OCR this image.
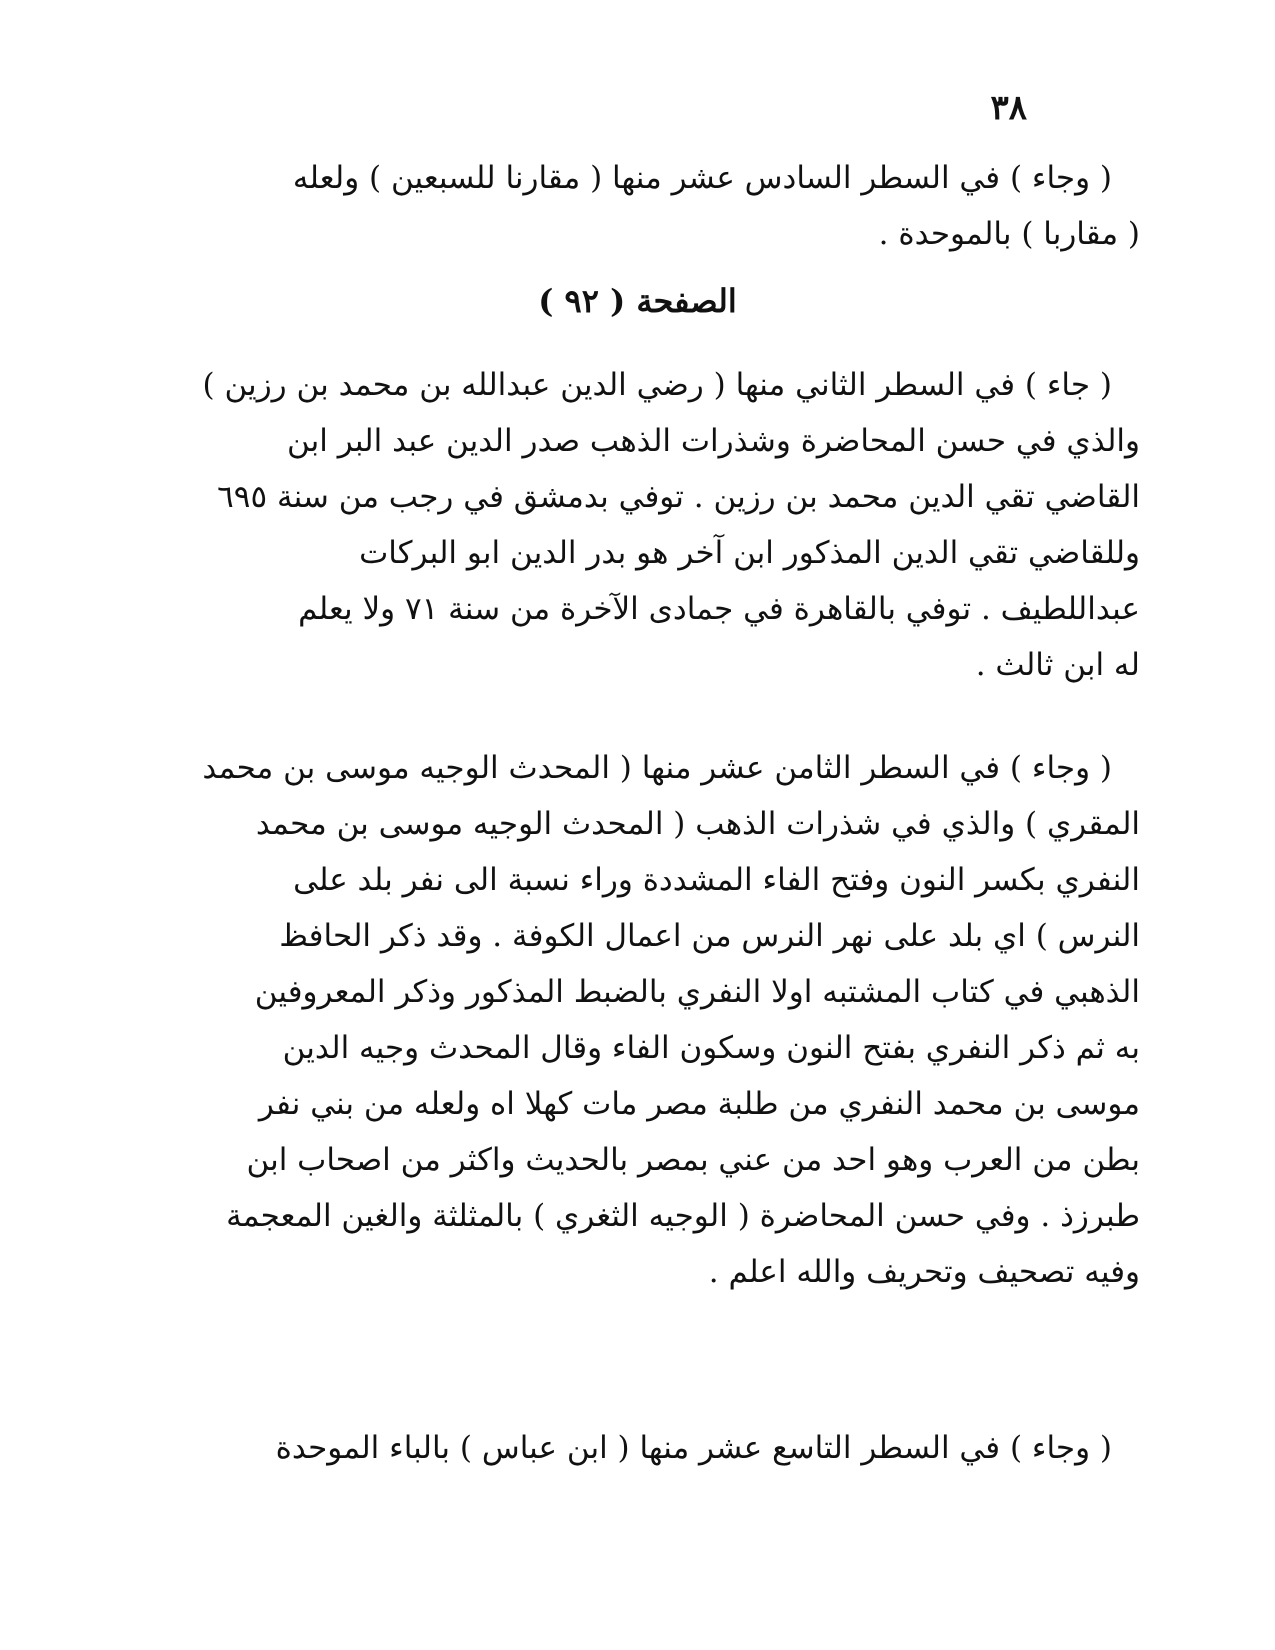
٣٨
( وجاء ) في السطر السادس عشر منها ( مقارنا للسبعين ) ولعله
( مقاربا ) بالموحدة .
الصفحة ( ٩٢ )
( جاء ) في السطر الثاني منها ( رضي الدين عبدالله بن محمد بن رزين )
والذي في حسن المحاضرة وشذرات الذهب صدر الدين عبد البر ابن
القاضي تقي الدين محمد بن رزين . توفي بدمشق في رجب من سنة ٦٩٥
وللقاضي تقي الدين المذكور ابن آخر هو بدر الدين ابو البركات
عبداللطيف . توفي بالقاهرة في جمادى الآخرة من سنة ٧١ ولا يعلم
له ابن ثالث .
( وجاء ) في السطر الثامن عشر منها ( المحدث الوجيه موسى بن محمد
المقري ) والذي في شذرات الذهب ( المحدث الوجيه موسى بن محمد
النفري بكسر النون وفتح الفاء المشددة وراء نسبة الى نفر بلد على
النرس ) اي بلد على نهر النرس من اعمال الكوفة . وقد ذكر الحافظ
الذهبي في كتاب المشتبه اولا النفري بالضبط المذكور وذكر المعروفين
به ثم ذكر النفري بفتح النون وسكون الفاء وقال المحدث وجيه الدين
موسى بن محمد النفري من طلبة مصر مات كهلا اه ولعله من بني نفر
بطن من العرب وهو احد من عني بمصر بالحديث واكثر من اصحاب ابن
طبرزذ . وفي حسن المحاضرة ( الوجيه الثغري ) بالمثلثة والغين المعجمة
وفيه تصحيف وتحريف والله اعلم .
( وجاء ) في السطر التاسع عشر منها ( ابن عباس ) بالباء الموحدة
